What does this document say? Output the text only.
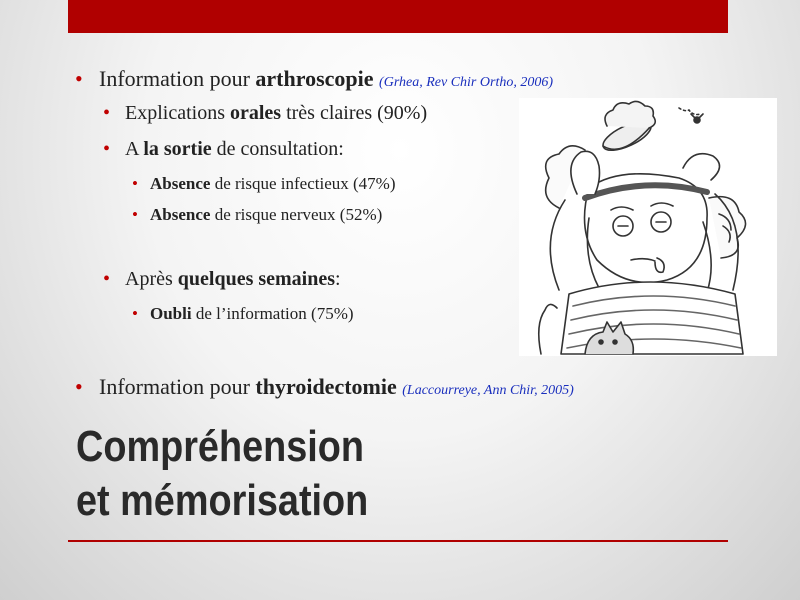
• Information pour arthroscopie (Grhea, Rev Chir Ortho, 2006)
• Explications orales très claires (90%)
• A la sortie de consultation:
• Absence de risque infectieux (47%)
• Absence de risque nerveux (52%)
• Après quelques semaines:
• Oubli de l’information (75%)
• Information pour thyroidectomie (Laccourreye, Ann Chir, 2005)
Compréhension
et mémorisation
